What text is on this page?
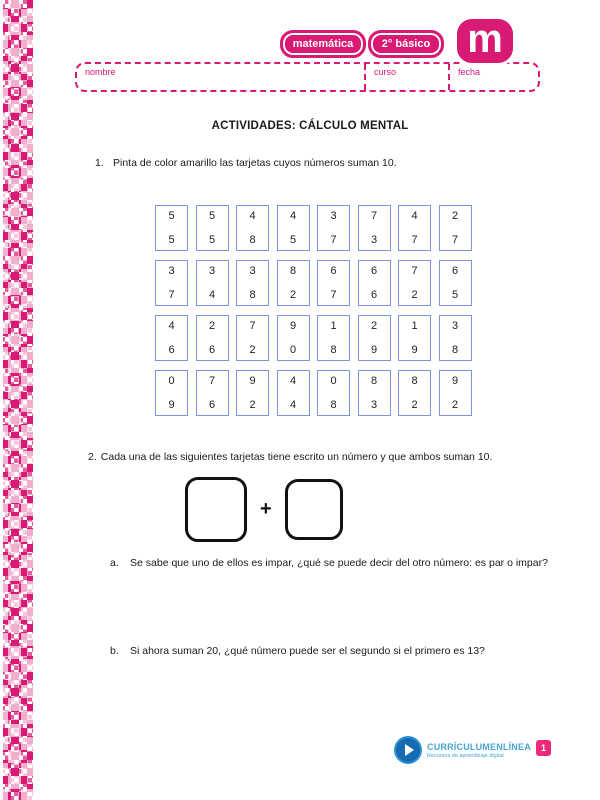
matemática	2° básico m
nombre	curso	fecha
ACTIVIDADES: CÁLCULO MENTAL
1. Pinta de color amarillo las tarjetas cuyos números suman 10.
5
5
5
5
4
8
4
5
3
7
7
3
4
7
2
7
3
7
3
4
3
8
8
2
6
7
6
6
7
2
6
5
4
6
2
6
7
2
9
0
1
8
2
9
1
9
3
8
0
9
7
6
9
2
4
4
0
8
8
3
8
2
9
2
2. Cada una de las siguientes tarjetas tiene escrito un número y que ambos suman 10.
+
a.	Se sabe que uno de ellos es impar, ¿qué se puede decir del otro número: es par o impar?
b.	Si ahora suman 20, ¿qué número puede ser el segundo si el primero es 13?
CURRÍCULUMENLÍNEA
Recursos de aprendizaje digital
1
